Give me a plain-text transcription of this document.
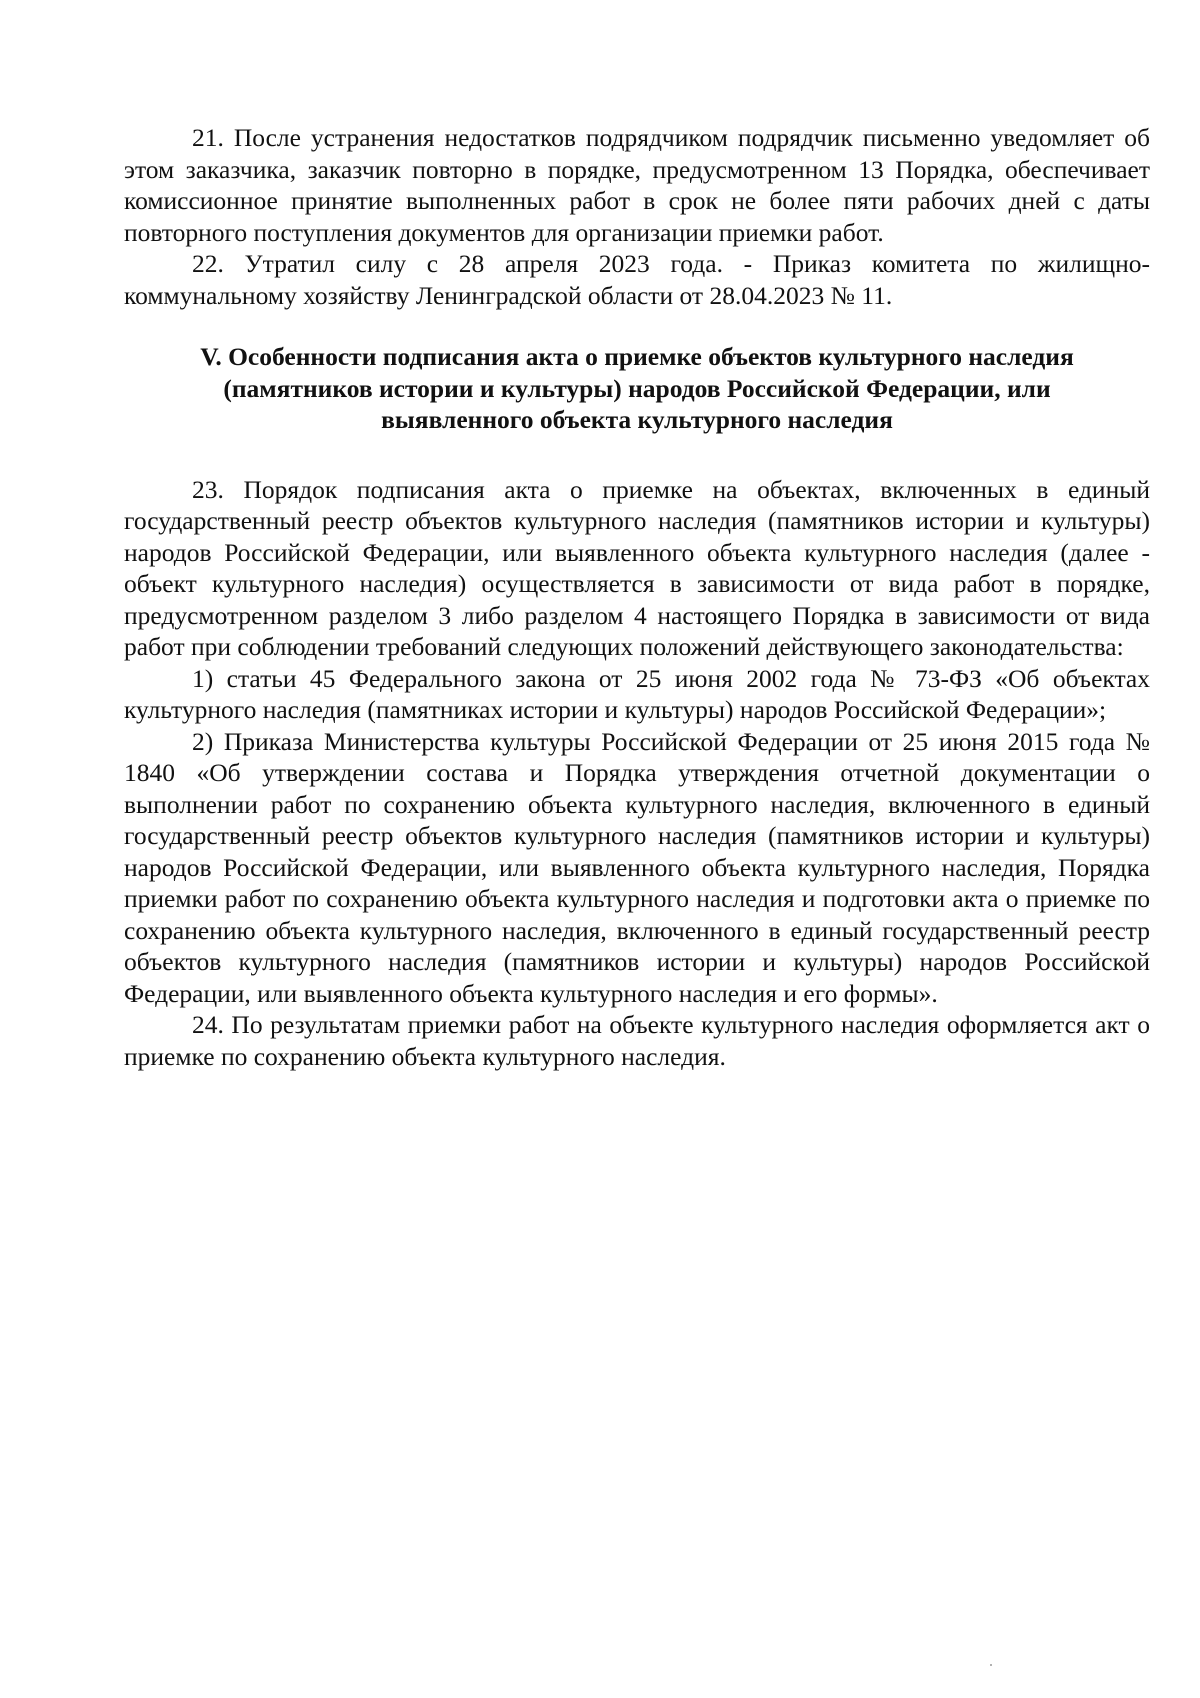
21. После устранения недостатков подрядчиком подрядчик письменно уведомляет об этом заказчика, заказчик повторно в порядке, предусмотренном 13 Порядка, обеспечивает комиссионное принятие выполненных работ в срок не более пяти рабочих дней с даты повторного поступления документов для организации приемки работ.

22. Утратил силу с 28 апреля 2023 года. - Приказ комитета по жилищно-коммунальному хозяйству Ленинградской области от 28.04.2023 № 11.

V. Особенности подписания акта о приемке объектов культурного наследия
(памятников истории и культуры) народов Российской Федерации, или
выявленного объекта культурного наследия

23. Порядок подписания акта о приемке на объектах, включенных в единый государственный реестр объектов культурного наследия (памятников истории и культуры) народов Российской Федерации, или выявленного объекта культурного наследия (далее - объект культурного наследия) осуществляется в зависимости от вида работ в порядке, предусмотренном разделом 3 либо разделом 4 настоящего Порядка в зависимости от вида работ при соблюдении требований следующих положений действующего законодательства:

1) статьи 45 Федерального закона от 25 июня 2002 года № 73-ФЗ «Об объектах культурного наследия (памятниках истории и культуры) народов Российской Федерации»;

2) Приказа Министерства культуры Российской Федерации от 25 июня 2015 года № 1840 «Об утверждении состава и Порядка утверждения отчетной документации о выполнении работ по сохранению объекта культурного наследия, включенного в единый государственный реестр объектов культурного наследия (памятников истории и культуры) народов Российской Федерации, или выявленного объекта культурного наследия, Порядка приемки работ по сохранению объекта культурного наследия и подготовки акта о приемке по сохранению объекта культурного наследия, включенного в единый государственный реестр объектов культурного наследия (памятников истории и культуры) народов Российской Федерации, или выявленного объекта культурного наследия и его формы».

24. По результатам приемки работ на объекте культурного наследия оформляется акт о приемке по сохранению объекта культурного наследия.
